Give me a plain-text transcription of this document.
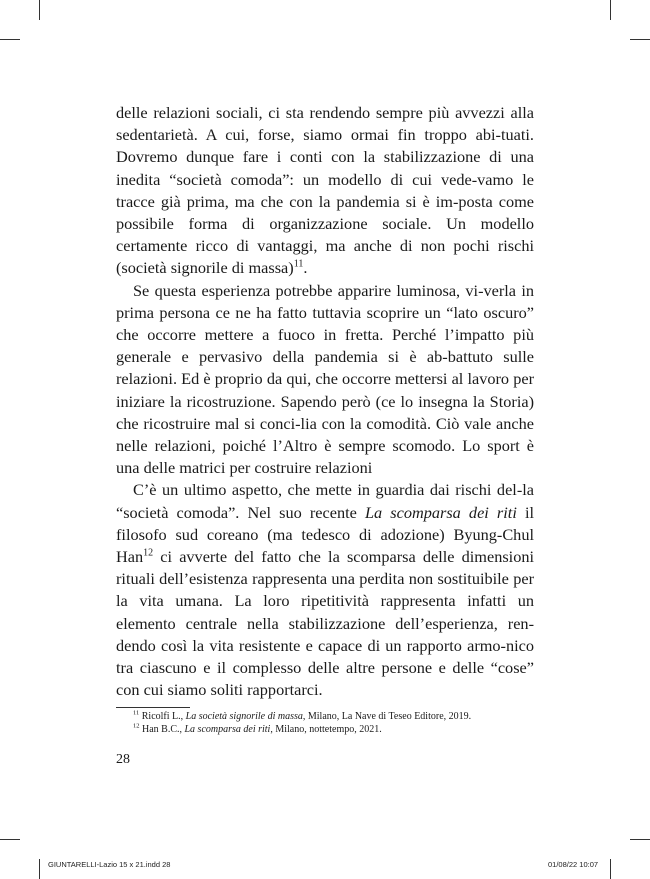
delle relazioni sociali, ci sta rendendo sempre più avvezzi alla sedentarietà. A cui, forse, siamo ormai fin troppo abi-tuati. Dovremo dunque fare i conti con la stabilizzazione di una inedita “società comoda”: un modello di cui vede-vamo le tracce già prima, ma che con la pandemia si è im-posta come possibile forma di organizzazione sociale. Un modello certamente ricco di vantaggi, ma anche di non pochi rischi (società signorile di massa)$^{11}$.

Se questa esperienza potrebbe apparire luminosa, vi-verla in prima persona ce ne ha fatto tuttavia scoprire un “lato oscuro” che occorre mettere a fuoco in fretta. Perché l’impatto più generale e pervasivo della pandemia si è ab-battuto sulle relazioni. Ed è proprio da qui, che occorre mettersi al lavoro per iniziare la ricostruzione. Sapendo però (ce lo insegna la Storia) che ricostruire mal si conci-lia con la comodità. Ciò vale anche nelle relazioni, poiché l’Altro è sempre scomodo. Lo sport è una delle matrici per costruire relazioni

C’è un ultimo aspetto, che mette in guardia dai rischi del-la “società comoda”. Nel suo recente La scomparsa dei riti il filosofo sud coreano (ma tedesco di adozione) Byung-Chul Han$^{12}$ ci avverte del fatto che la scomparsa delle dimensioni rituali dell’esistenza rappresenta una perdita non sostituibile per la vita umana. La loro ripetitività rappresenta infatti un elemento centrale nella stabilizzazione dell’esperienza, ren-dendo così la vita resistente e capace di un rapporto armo-nico tra ciascuno e il complesso delle altre persone e delle “cose” con cui siamo soliti rapportarci.

$^{11}$ Ricolfi L., La società signorile di massa, Milano, La Nave di Teseo Editore, 2019.

$^{12}$ Han B.C., La scomparsa dei riti, Milano, nottetempo, 2021.

28
GIUNTARELLI-Lazio 15 x 21.indd 28	01/08/22 10:07
